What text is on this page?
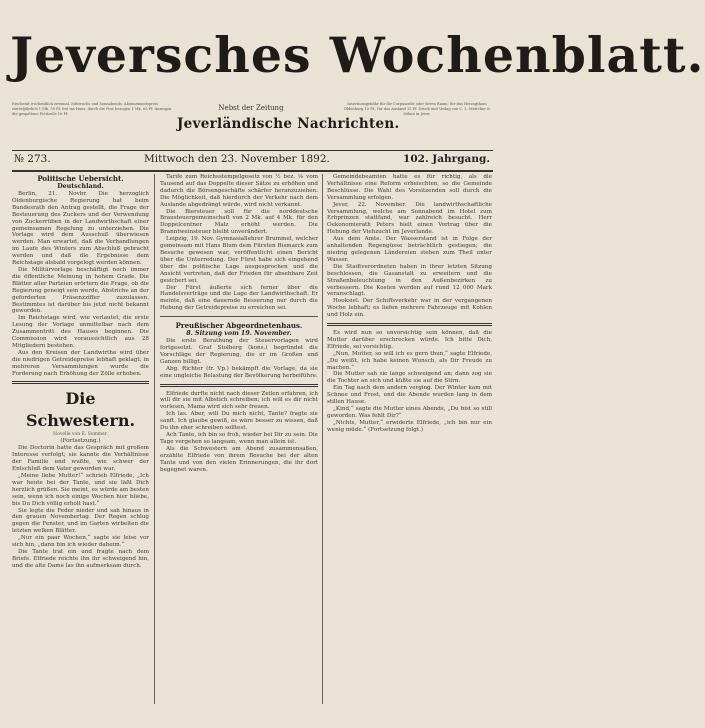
Jeversches Wochenblatt.
Erscheint wöchentlich zweimal, Mittwochs und Sonnabends. Abonnementspreis vierteljährlich 1 Mk. 50 Pf. frei ins Haus, durch die Post bezogen 1 Mk. 65 Pf. Anzeigen die gespaltene Petitzeile 10 Pf.
Nebst der Zeitung	Insertionsgebühr für die Corpuszeile oder deren Raum: für das Herzogthum Oldenburg 10 Pf., für das Ausland 15 Pf. Druck und Verlag von C. L. Mettcker & Söhne in Jever.
Jeverländische Nachrichten.
№ 273.	Mittwoch den 23. November 1892.	102. Jahrgang.
Politische Uebersicht.
Deutschland.

Berlin, 21. Novbr. Die herzoglich Oldenburgische Regierung hat beim Bundesrath den Antrag gestellt, die Frage der Besteuerung des Zuckers und der Verwendung von Zuckerrüben in der Landwirthschaft einer gemeinsamen Regelung zu unterziehen. Die Vorlage wird dem Ausschuß überwiesen werden. Man erwartet, daß die Verhandlungen im Laufe des Winters zum Abschluß gebracht werden und daß die Ergebnisse dem Reichstage alsbald vorgelegt werden können.

Die Militärvorlage beschäftigt noch immer die öffentliche Meinung in hohem Grade. Die Blätter aller Parteien erörtern die Frage, ob die Regierung geneigt sein werde, Abstriche an der geforderten Präsenzziffer zuzulassen. Bestimmtes ist darüber bis jetzt nicht bekannt geworden.

Im Reichstage wird, wie verlautet, die erste Lesung der Vorlage unmittelbar nach dem Zusammentritt des Hauses beginnen. Die Commission wird voraussichtlich aus 28 Mitgliedern bestehen.

Aus den Kreisen der Landwirthe wird über die niedrigen Getreidepreise lebhaft geklagt; in mehreren Versammlungen wurde die Forderung nach Erhöhung der Zölle erhoben.

Die Schwestern.
Novelle von E. Sommer.
(Fortsetzung.)

Die Doctorin hatte das Gespräch mit großem Interesse verfolgt; sie kannte die Verhältnisse der Familie und wußte, wie schwer der Entschluß dem Vater geworden war.

„Meine liebe Mutter!“ schrieb Elfriede, „Ich war heute bei der Tante, und sie läßt Dich herzlich grüßen. Sie meint, es würde am besten sein, wenn ich noch einige Wochen hier bliebe, bis Du Dich völlig erholt hast.“

Sie legte die Feder nieder und sah hinaus in den grauen Novembertag. Der Regen schlug gegen die Fenster, und im Garten wirbelten die letzten welken Blätter.

„Nur ein paar Wochen,“ sagte sie leise vor sich hin, „dann bin ich wieder daheim.“

Die Tante trat ein und fragte nach dem Briefe. Elfriede reichte ihn ihr schweigend hin, und die alte Dame las ihn aufmerksam durch.

Tarife zum Reichsstempelgesetz von ½ bez. ⅛ vom Tausend auf das Doppelte dieser Sätze zu erhöhen und dadurch die Börsengeschäfte schärfer heranzuziehen. Die Möglichkeit, daß hierdurch der Verkehr nach dem Auslande abgedrängt würde, wird nicht verkannt.

Die Biersteuer soll für die norddeutsche Brausteuergemeinschaft von 2 Mk. auf 4 Mk. für den Doppelcentner Malz erhöht werden. Die Branntweinsteuer bleibt unverändert.

Leipzig, 19. Nov. Gymnasiallehrer Brummel, welcher gemeinsam mit Hans Blum dem Fürsten Bismarck zum Besuche gewesen war, veröffentlicht einen Bericht über die Unterredung. Der Fürst habe sich eingehend über die politische Lage ausgesprochen und die Ansicht vertreten, daß der Frieden für absehbare Zeit gesichert sei.

Der Fürst äußerte sich ferner über die Handelsverträge und die Lage der Landwirthschaft. Er meinte, daß eine dauernde Besserung nur durch die Hebung der Getreidepreise zu erreichen sei.

Preußischer Abgeordnetenhaus.
8. Sitzung vom 19. November.

Die erste Berathung der Steuervorlagen wird fortgesetzt. Graf Stolberg (kons.) begründet die Vorschläge der Regierung, die er im Großen und Ganzen billigt.

Abg. Richter (fr. Vp.) bekämpft die Vorlage, da sie eine ungleiche Belastung der Bevölkerung herbeiführe.

Elfriede durfte nicht nach dieser Zeilen erfahren, ich will dir sie mit Albstich schreiben; ich will es dir nicht vorlesen, Mama wird sich sehr freuen.

Ich las. Aber, will Du mich nicht, Tante? fragte sie sanft. Ich glaube gewiß, es wäre besser zu wissen, daß Du ihn eher schreiben solltest.

Ach Tante, ich bin so froh, wieder bei Dir zu sein. Die Tage vergehen so langsam, wenn man allein ist.

Als die Schwestern am Abend zusammensaßen, erzählte Elfriede von ihrem Besuche bei der alten Tante und von den vielen Erinnerungen, die ihr dort begegnet waren.

Gemeindebeamten hatte es für richtig, als die Verhältnisse eine Reform erheischten, so die Gemeinde Beschlüsse. Die Wahl des Vorsitzenden soll durch die Versammlung erfolgen.

Jever, 22. November. Die landwirthschaftliche Versammlung, welche am Sonnabend im Hotel zum Erbprinzen stattfand, war zahlreich besucht. Herr Oekonomierath Peters hielt einen Vortrag über die Hebung der Viehzucht im Jeverlande.

Aus dem Amte. Der Wasserstand ist in Folge der anhaltenden Regengüsse beträchtlich gestiegen; die niedrig gelegenen Ländereien stehen zum Theil unter Wasser.

Die Stadtverordneten haben in ihrer letzten Sitzung beschlossen, die Gasanstalt zu erweitern und die Straßenbeleuchtung in den Außenbezirken zu verbessern. Die Kosten werden auf rund 12 000 Mark veranschlagt.

Hooksiel. Der Schiffsverkehr war in der vergangenen Woche lebhaft; es liefen mehrere Fahrzeuge mit Kohlen und Holz ein.

Es wird nun so unvorsichtig sein können, daß die Mutter darüber erschrecken würde. Ich bitte Dich, Elfriede, sei vorsichtig.

„Nun, Mutter, so will ich es gern thun,“ sagte Elfriede, „Du weißt, ich habe keinen Wunsch, als Dir Freude zu machen.“

Die Mutter sah sie lange schweigend an; dann zog sie die Tochter an sich und küßte sie auf die Stirn.

Ein Tag nach dem andern verging. Der Winter kam mit Schnee und Frost, und die Abende wurden lang in dem stillen Hause.

„Kind,“ sagte die Mutter eines Abends, „Du bist so still geworden. Was fehlt Dir?“

„Nichts, Mutter,“ erwiderte Elfriede, „ich bin nur ein wenig müde.“ (Fortsetzung folgt.)
